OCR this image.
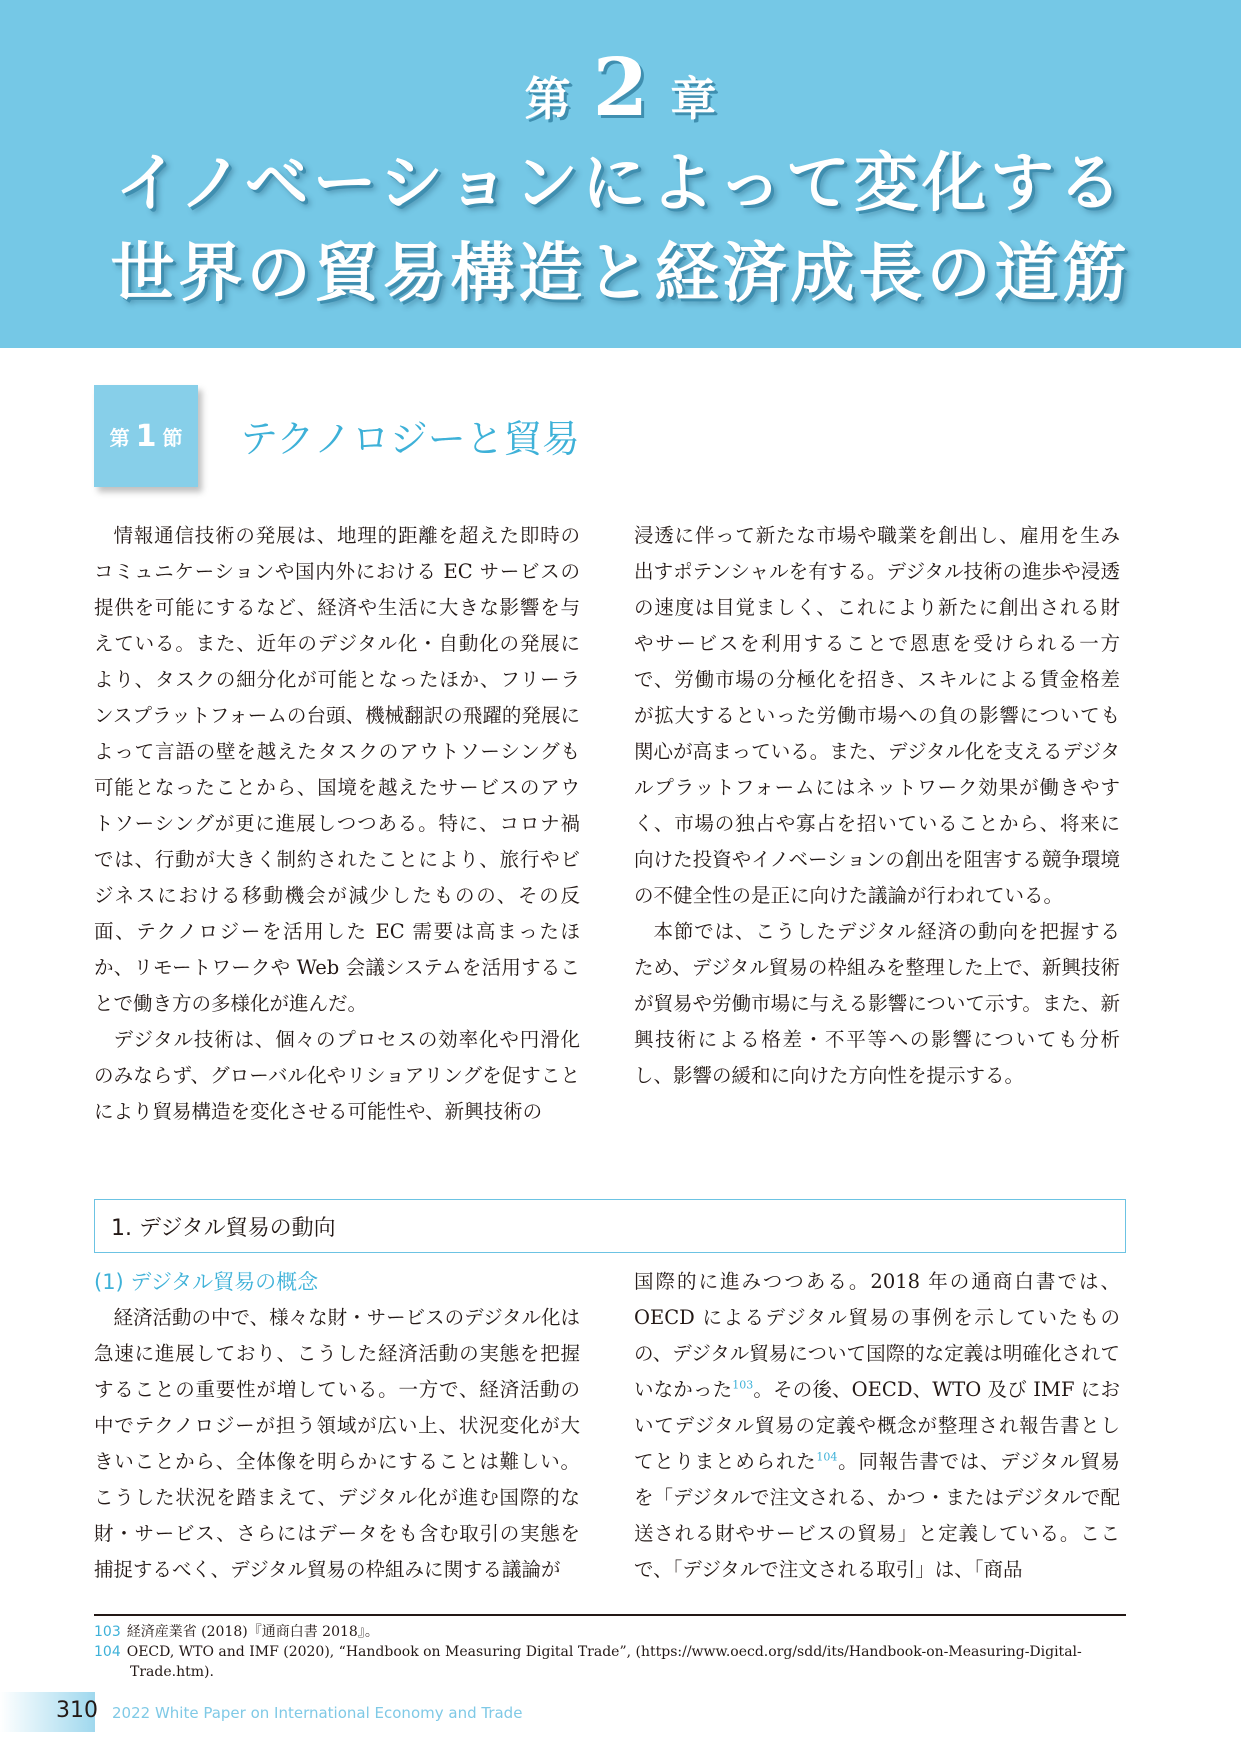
第 2 章
イノベーションによって変化する
世界の貿易構造と経済成長の道筋
第 1 節 テクノロジーと貿易

情報通信技術の発展は、地理的距離を超えた即時のコミュニケーションや国内外における EC サービスの提供を可能にするなど、経済や生活に大きな影響を与えている。また、近年のデジタル化・自動化の発展により、タスクの細分化が可能となったほか、フリーランスプラットフォームの台頭、機械翻訳の飛躍的発展によって言語の壁を越えたタスクのアウトソーシングも可能となったことから、国境を越えたサービスのアウトソーシングが更に進展しつつある。特に、コロナ禍では、行動が大きく制約されたことにより、旅行やビジネスにおける移動機会が減少したものの、その反面、テクノロジーを活用した EC 需要は高まったほか、リモートワークや Web 会議システムを活用することで働き方の多様化が進んだ。

デジタル技術は、個々のプロセスの効率化や円滑化のみならず、グローバル化やリショアリングを促すことにより貿易構造を変化させる可能性や、新興技術の

浸透に伴って新たな市場や職業を創出し、雇用を生み出すポテンシャルを有する。デジタル技術の進歩や浸透の速度は目覚ましく、これにより新たに創出される財やサービスを利用することで恩恵を受けられる一方で、労働市場の分極化を招き、スキルによる賃金格差が拡大するといった労働市場への負の影響についても関心が高まっている。また、デジタル化を支えるデジタルプラットフォームにはネットワーク効果が働きやすく、市場の独占や寡占を招いていることから、将来に向けた投資やイノベーションの創出を阻害する競争環境の不健全性の是正に向けた議論が行われている。

本節では、こうしたデジタル経済の動向を把握するため、デジタル貿易の枠組みを整理した上で、新興技術が貿易や労働市場に与える影響について示す。また、新興技術による格差・不平等への影響についても分析し、影響の緩和に向けた方向性を提示する。

1. デジタル貿易の動向
(1) デジタル貿易の概念

経済活動の中で、様々な財・サービスのデジタル化は急速に進展しており、こうした経済活動の実態を把握することの重要性が増している。一方で、経済活動の中でテクノロジーが担う領域が広い上、状況変化が大きいことから、全体像を明らかにすることは難しい。こうした状況を踏まえて、デジタル化が進む国際的な財・サービス、さらにはデータをも含む取引の実態を捕捉するべく、デジタル貿易の枠組みに関する議論が

国際的に進みつつある。2018 年の通商白書では、OECD によるデジタル貿易の事例を示していたものの、デジタル貿易について国際的な定義は明確化されていなかった$^{103}$。その後、OECD、WTO 及び IMF においてデジタル貿易の定義や概念が整理され報告書としてとりまとめられた$^{104}$。同報告書では、デジタル貿易を「デジタルで注文される、かつ・またはデジタルで配送される財やサービスの貿易」と定義している。ここで、「デジタルで注文される取引」は、「商品

103 経済産業省 (2018)『通商白書 2018』。
104 OECD, WTO and IMF (2020), “Handbook on Measuring Digital Trade”, (https://www.oecd.org/sdd/its/Handbook-on-Measuring-Digital-
Trade.htm).
310 2022 White Paper on International Economy and Trade
